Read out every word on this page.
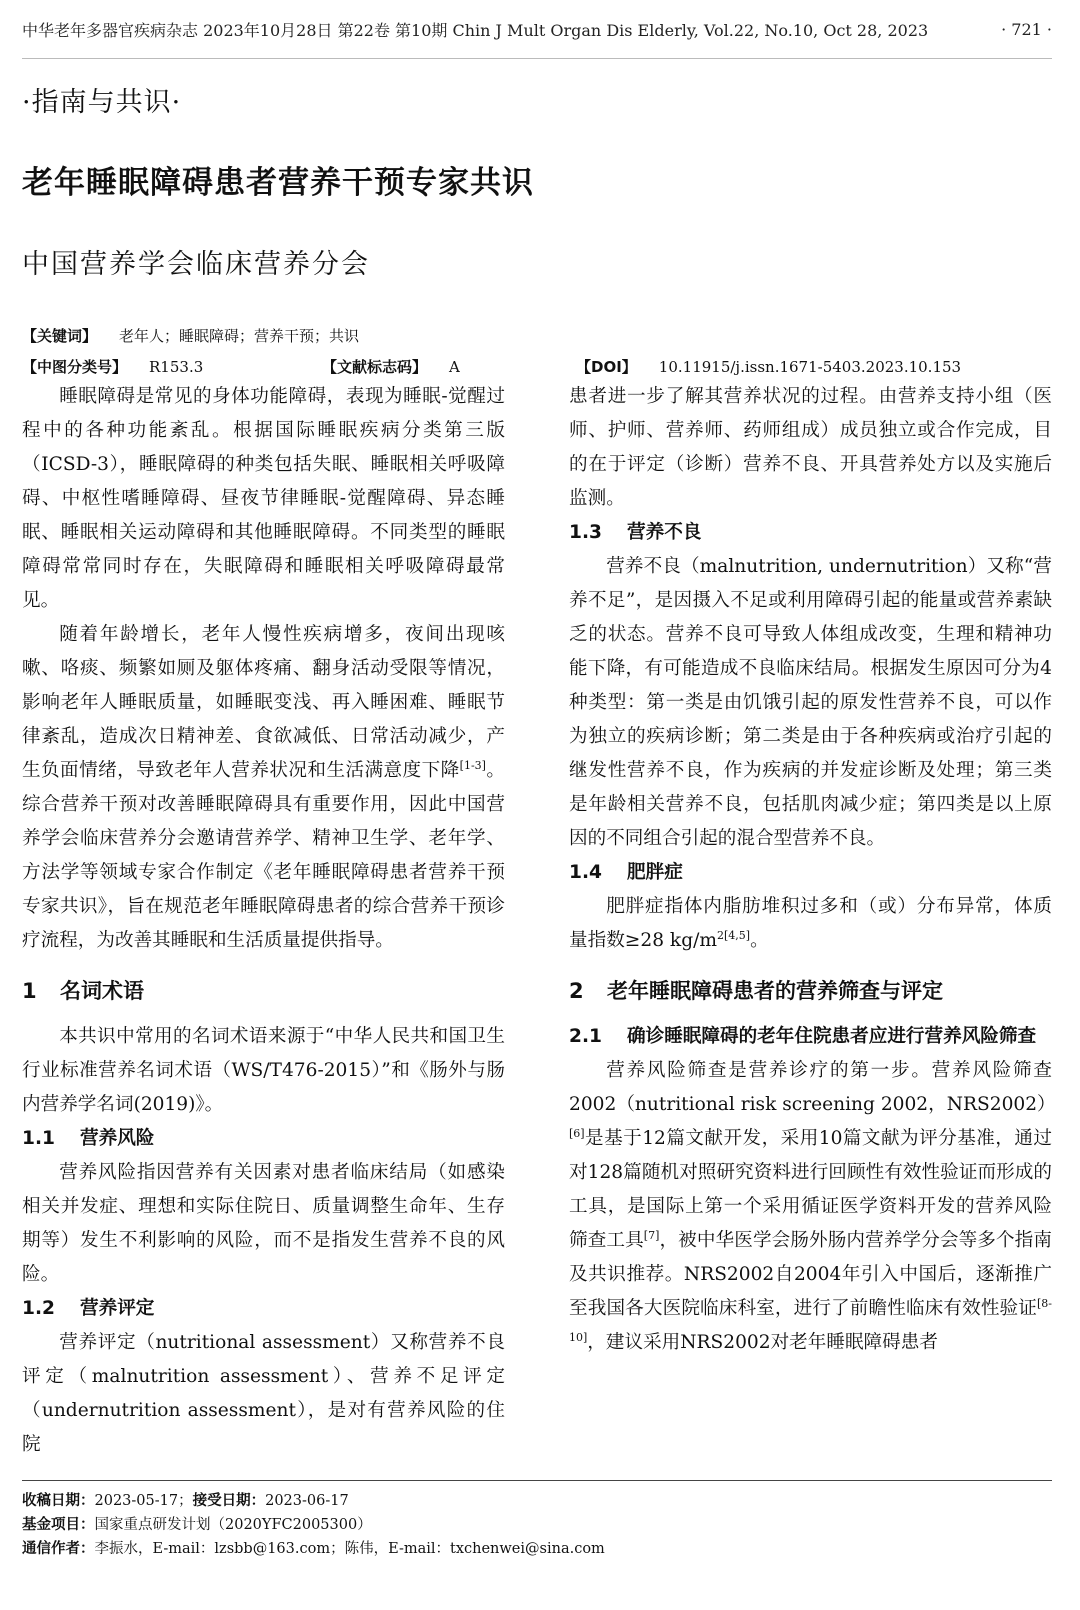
中华老年多器官疾病杂志 2023年10月28日 第22卷 第10期 Chin J Mult Organ Dis Elderly, Vol.22, No.10, Oct 28, 2023	· 721 ·
·指南与共识·
老年睡眠障碍患者营养干预专家共识
中国营养学会临床营养分会
【关键词】 老年人；睡眠障碍；营养干预；共识
【中图分类号】 R153.3	【文献标志码】 A	【DOI】 10.11915/j.issn.1671-5403.2023.10.153

睡眠障碍是常见的身体功能障碍，表现为睡眠-觉醒过程中的各种功能紊乱。根据国际睡眠疾病分类第三版（ICSD-3），睡眠障碍的种类包括失眠、睡眠相关呼吸障碍、中枢性嗜睡障碍、昼夜节律睡眠-觉醒障碍、异态睡眠、睡眠相关运动障碍和其他睡眠障碍。不同类型的睡眠障碍常常同时存在，失眠障碍和睡眠相关呼吸障碍最常见。

随着年龄增长，老年人慢性疾病增多，夜间出现咳嗽、咯痰、频繁如厕及躯体疼痛、翻身活动受限等情况，影响老年人睡眠质量，如睡眠变浅、再入睡困难、睡眠节律紊乱，造成次日精神差、食欲减低、日常活动减少，产生负面情绪，导致老年人营养状况和生活满意度下降[1-3]。综合营养干预对改善睡眠障碍具有重要作用，因此中国营养学会临床营养分会邀请营养学、精神卫生学、老年学、方法学等领域专家合作制定《老年睡眠障碍患者营养干预专家共识》，旨在规范老年睡眠障碍患者的综合营养干预诊疗流程，为改善其睡眠和生活质量提供指导。

1 名词术语

本共识中常用的名词术语来源于“中华人民共和国卫生行业标准营养名词术语（WS/T476-2015）”和《肠外与肠内营养学名词(2019)》。

1.1 营养风险

营养风险指因营养有关因素对患者临床结局（如感染相关并发症、理想和实际住院日、质量调整生命年、生存期等）发生不利影响的风险，而不是指发生营养不良的风险。

1.2 营养评定

营养评定（nutritional assessment）又称营养不良评定（malnutrition assessment）、营养不足评定（undernutrition assessment），是对有营养风险的住院

患者进一步了解其营养状况的过程。由营养支持小组（医师、护师、营养师、药师组成）成员独立或合作完成，目的在于评定（诊断）营养不良、开具营养处方以及实施后监测。

1.3 营养不良

营养不良（malnutrition, undernutrition）又称“营养不足”，是因摄入不足或利用障碍引起的能量或营养素缺乏的状态。营养不良可导致人体组成改变，生理和精神功能下降，有可能造成不良临床结局。根据发生原因可分为4种类型：第一类是由饥饿引起的原发性营养不良，可以作为独立的疾病诊断；第二类是由于各种疾病或治疗引起的继发性营养不良，作为疾病的并发症诊断及处理；第三类是年龄相关营养不良，包括肌肉减少症；第四类是以上原因的不同组合引起的混合型营养不良。

1.4 肥胖症

肥胖症指体内脂肪堆积过多和（或）分布异常，体质量指数≥28 $kg/m^{2[4,5]}$。

2 老年睡眠障碍患者的营养筛查与评定
2.1 确诊睡眠障碍的老年住院患者应进行营养风险筛查

营养风险筛查是营养诊疗的第一步。营养风险筛查2002（nutritional risk screening 2002，NRS2002）[6]是基于12篇文献开发，采用10篇文献为评分基准，通过对128篇随机对照研究资料进行回顾性有效性验证而形成的工具，是国际上第一个采用循证医学资料开发的营养风险筛查工具[7]，被中华医学会肠外肠内营养学分会等多个指南及共识推荐。NRS2002自2004年引入中国后，逐渐推广至我国各大医院临床科室，进行了前瞻性临床有效性验证[8-10]，建议采用NRS2002对老年睡眠障碍患者

收稿日期：2023-05-17；接受日期：2023-06-17
基金项目：国家重点研发计划（2020YFC2005300）
通信作者：李振水，E-mail：lzsbb@163.com；陈伟，E-mail：txchenwei@sina.com
